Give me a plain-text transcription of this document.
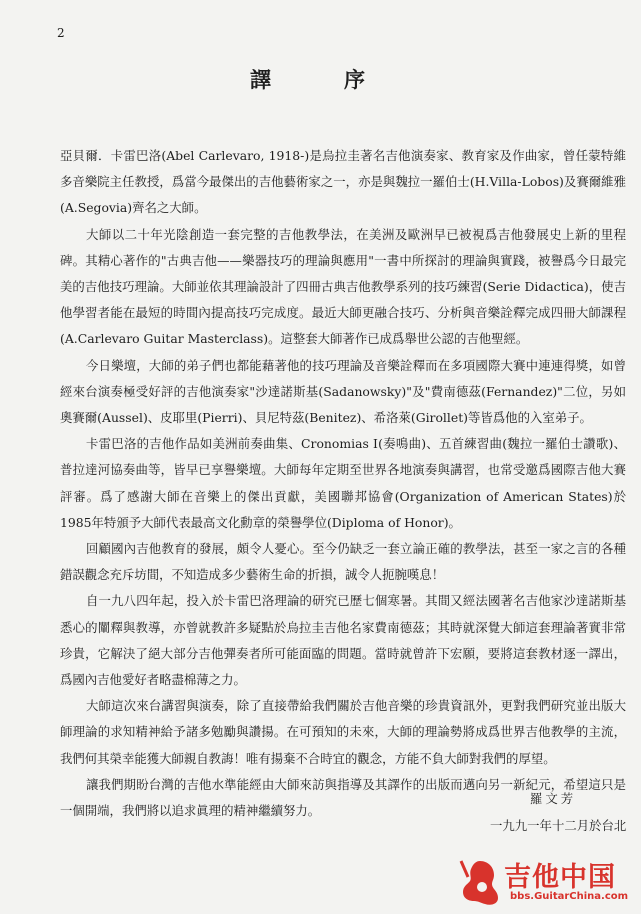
2
譯　序

亞貝爾．卡雷巴洛(Abel Carlevaro, 1918-)是烏拉圭著名吉他演奏家、教育家及作曲家，曾任蒙特維多音樂院主任教授，爲當今最傑出的吉他藝術家之一，亦是與魏拉一羅伯士(H.Villa-Lobos)及賽爾維雅(A.Segovia)齊名之大師。

大師以二十年光陰創造一套完整的吉他教學法，在美洲及歐洲早已被視爲吉他發展史上新的里程碑。其精心著作的"古典吉他——樂器技巧的理論與應用"一書中所探討的理論與實踐，被譽爲今日最完美的吉他技巧理論。大師並依其理論設計了四冊古典吉他教學系列的技巧練習(Serie Didactica)，使吉他學習者能在最短的時間內提高技巧完成度。最近大師更融合技巧、分析與音樂詮釋完成四冊大師課程(A.Carlevaro Guitar Masterclass)。這整套大師著作已成爲舉世公認的吉他聖經。

今日樂壇，大師的弟子們也都能藉著他的技巧理論及音樂詮釋而在多項國際大賽中連連得獎，如曾經來台演奏極受好評的吉他演奏家"沙達諾斯基(Sadanowsky)"及"費南德茲(Fernandez)"二位，另如奧賽爾(Aussel)、皮耶里(Pierri)、貝尼特茲(Benitez)、希洛萊(Girollet)等皆爲他的入室弟子。

卡雷巴洛的吉他作品如美洲前奏曲集、Cronomias Ⅰ(奏鳴曲)、五首練習曲(魏拉一羅伯士讚歌)、普拉達河協奏曲等，皆早已享譽樂壇。大師每年定期至世界各地演奏與講習，也常受邀爲國際吉他大賽評審。爲了感謝大師在音樂上的傑出貢獻，美國聯邦協會(Organization of American States)於1985年特頒予大師代表最高文化勳章的榮譽學位(Diploma of Honor)。

回顧國內吉他教育的發展，頗令人憂心。至今仍缺乏一套立論正確的教學法，甚至一家之言的各種錯誤觀念充斥坊間，不知造成多少藝術生命的折損，誠令人扼腕嘆息！

自一九八四年起，投入於卡雷巴洛理論的研究已歷七個寒暑。其間又經法國著名吉他家沙達諾斯基悉心的闡釋與教導，亦曾就教許多疑點於烏拉圭吉他名家費南德茲；其時就深覺大師這套理論著實非常珍貴，它解決了絕大部分吉他彈奏者所可能面臨的問題。當時就曾許下宏願，要將這套教材逐一譯出，爲國內吉他愛好者略盡棉薄之力。

大師這次來台講習與演奏，除了直接帶給我們關於吉他音樂的珍貴資訊外，更對我們研究並出版大師理論的求知精神給予諸多勉勵與讚揚。在可預知的未來，大師的理論勢將成爲世界吉他教學的主流，我們何其榮幸能獲大師親自教誨！唯有揚棄不合時宜的觀念，方能不負大師對我們的厚望。

讓我們期盼台灣的吉他水準能經由大師來訪與指導及其譯作的出版而邁向另一新紀元，希望這只是一個開端，我們將以追求眞理的精神繼續努力。

羅文芳
一九九一年十二月於台北
吉他中国
bbs.GuitarChina.com
